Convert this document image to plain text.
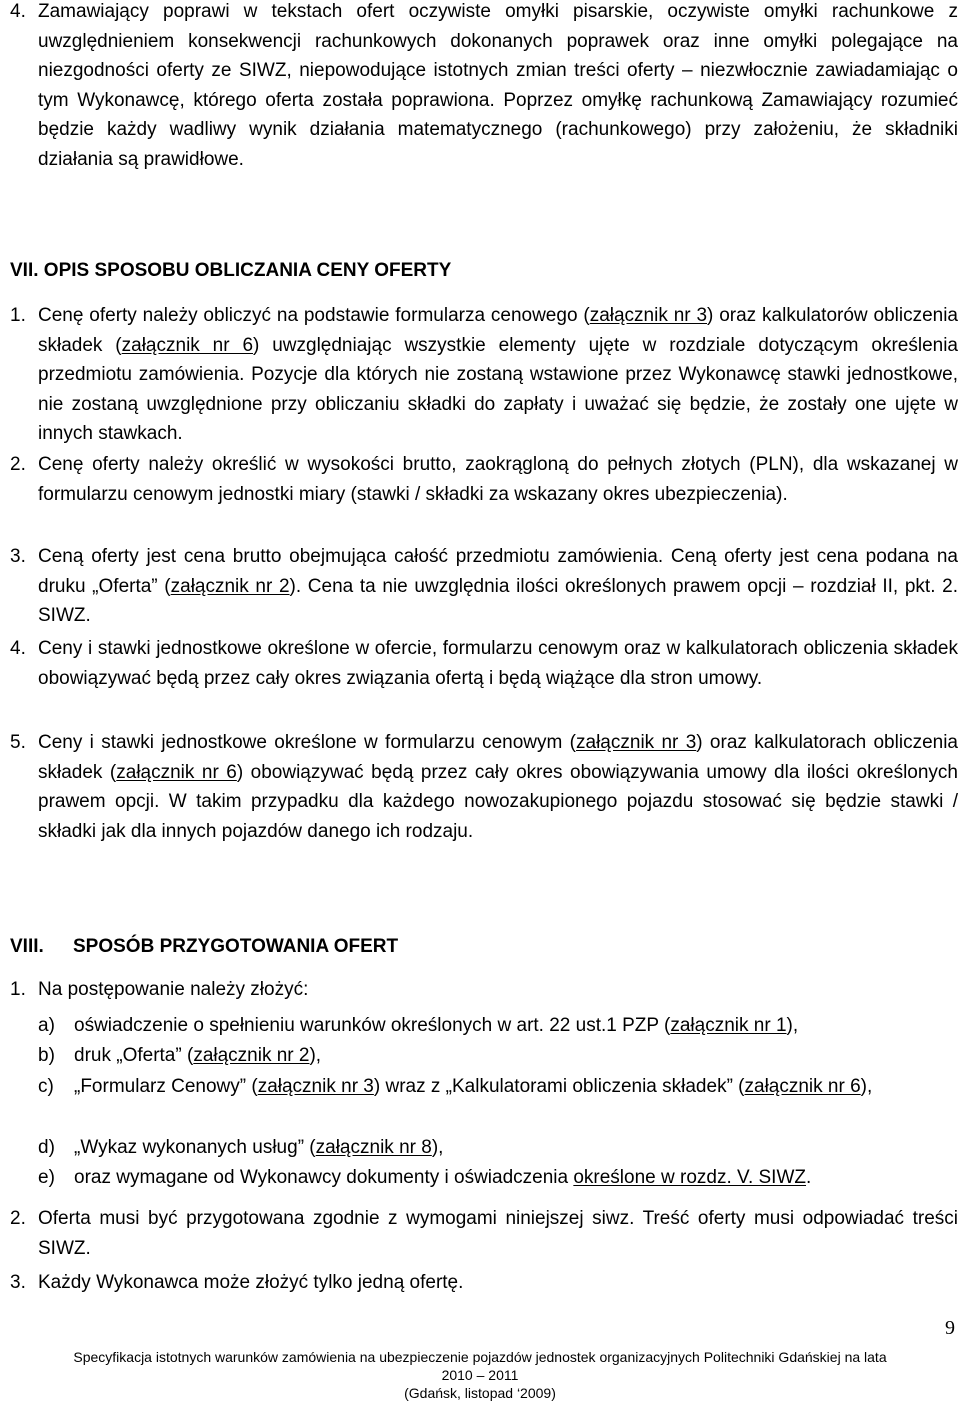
4. Zamawiający poprawi w tekstach ofert oczywiste omyłki pisarskie, oczywiste omyłki rachunkowe z uwzględnieniem konsekwencji rachunkowych dokonanych poprawek oraz inne omyłki polegające na niezgodności oferty ze SIWZ, niepowodujące istotnych zmian treści oferty – niezwłocznie zawiadamiając o tym Wykonawcę, którego oferta została poprawiona. Poprzez omyłkę rachunkową Zamawiający rozumieć będzie każdy wadliwy wynik działania matematycznego (rachunkowego) przy założeniu, że składniki działania są prawidłowe.
VII. OPIS SPOSOBU OBLICZANIA CENY OFERTY
1. Cenę oferty należy obliczyć na podstawie formularza cenowego (załącznik nr 3) oraz kalkulatorów obliczenia składek (załącznik nr 6) uwzględniając wszystkie elementy ujęte w rozdziale dotyczącym określenia przedmiotu zamówienia. Pozycje dla których nie zostaną wstawione przez Wykonawcę stawki jednostkowe, nie zostaną uwzględnione przy obliczaniu składki do zapłaty i uważać się będzie, że zostały one ujęte w innych stawkach.
2. Cenę oferty należy określić w wysokości brutto, zaokrągloną do pełnych złotych (PLN), dla wskazanej w formularzu cenowym jednostki miary (stawki / składki za wskazany okres ubezpieczenia).
3. Ceną oferty jest cena brutto obejmująca całość przedmiotu zamówienia. Ceną oferty jest cena podana na druku „Oferta” (załącznik nr 2). Cena ta nie uwzględnia ilości określonych prawem opcji – rozdział II, pkt. 2. SIWZ.
4. Ceny i stawki jednostkowe określone w ofercie, formularzu cenowym oraz w kalkulatorach obliczenia składek obowiązywać będą przez cały okres związania ofertą i będą wiążące dla stron umowy.
5. Ceny i stawki jednostkowe określone w formularzu cenowym (załącznik nr 3) oraz kalkulatorach obliczenia składek (załącznik nr 6) obowiązywać będą przez cały okres obowiązywania umowy dla ilości określonych prawem opcji. W takim przypadku dla każdego nowozakupionego pojazdu stosować się będzie stawki / składki jak dla innych pojazdów danego ich rodzaju.
VIII. SPOSÓB PRZYGOTOWANIA OFERT
1. Na postępowanie należy złożyć:
a) oświadczenie o spełnieniu warunków określonych w art. 22 ust.1 PZP (załącznik nr 1),
b) druk „Oferta” (załącznik nr 2),
c) „Formularz Cenowy” (załącznik nr 3) wraz z „Kalkulatorami obliczenia składek” (załącznik nr 6),
d) „Wykaz wykonanych usług” (załącznik nr 8),
e) oraz wymagane od Wykonawcy dokumenty i oświadczenia określone w rozdz. V. SIWZ.
2. Oferta musi być przygotowana zgodnie z wymogami niniejszej siwz. Treść oferty musi odpowiadać treści SIWZ.
3. Każdy Wykonawca może złożyć tylko jedną ofertę.
9
Specyfikacja istotnych warunków zamówienia na ubezpieczenie pojazdów jednostek organizacyjnych Politechniki Gdańskiej na lata
2010 – 2011
(Gdańsk, listopad ‘2009)
